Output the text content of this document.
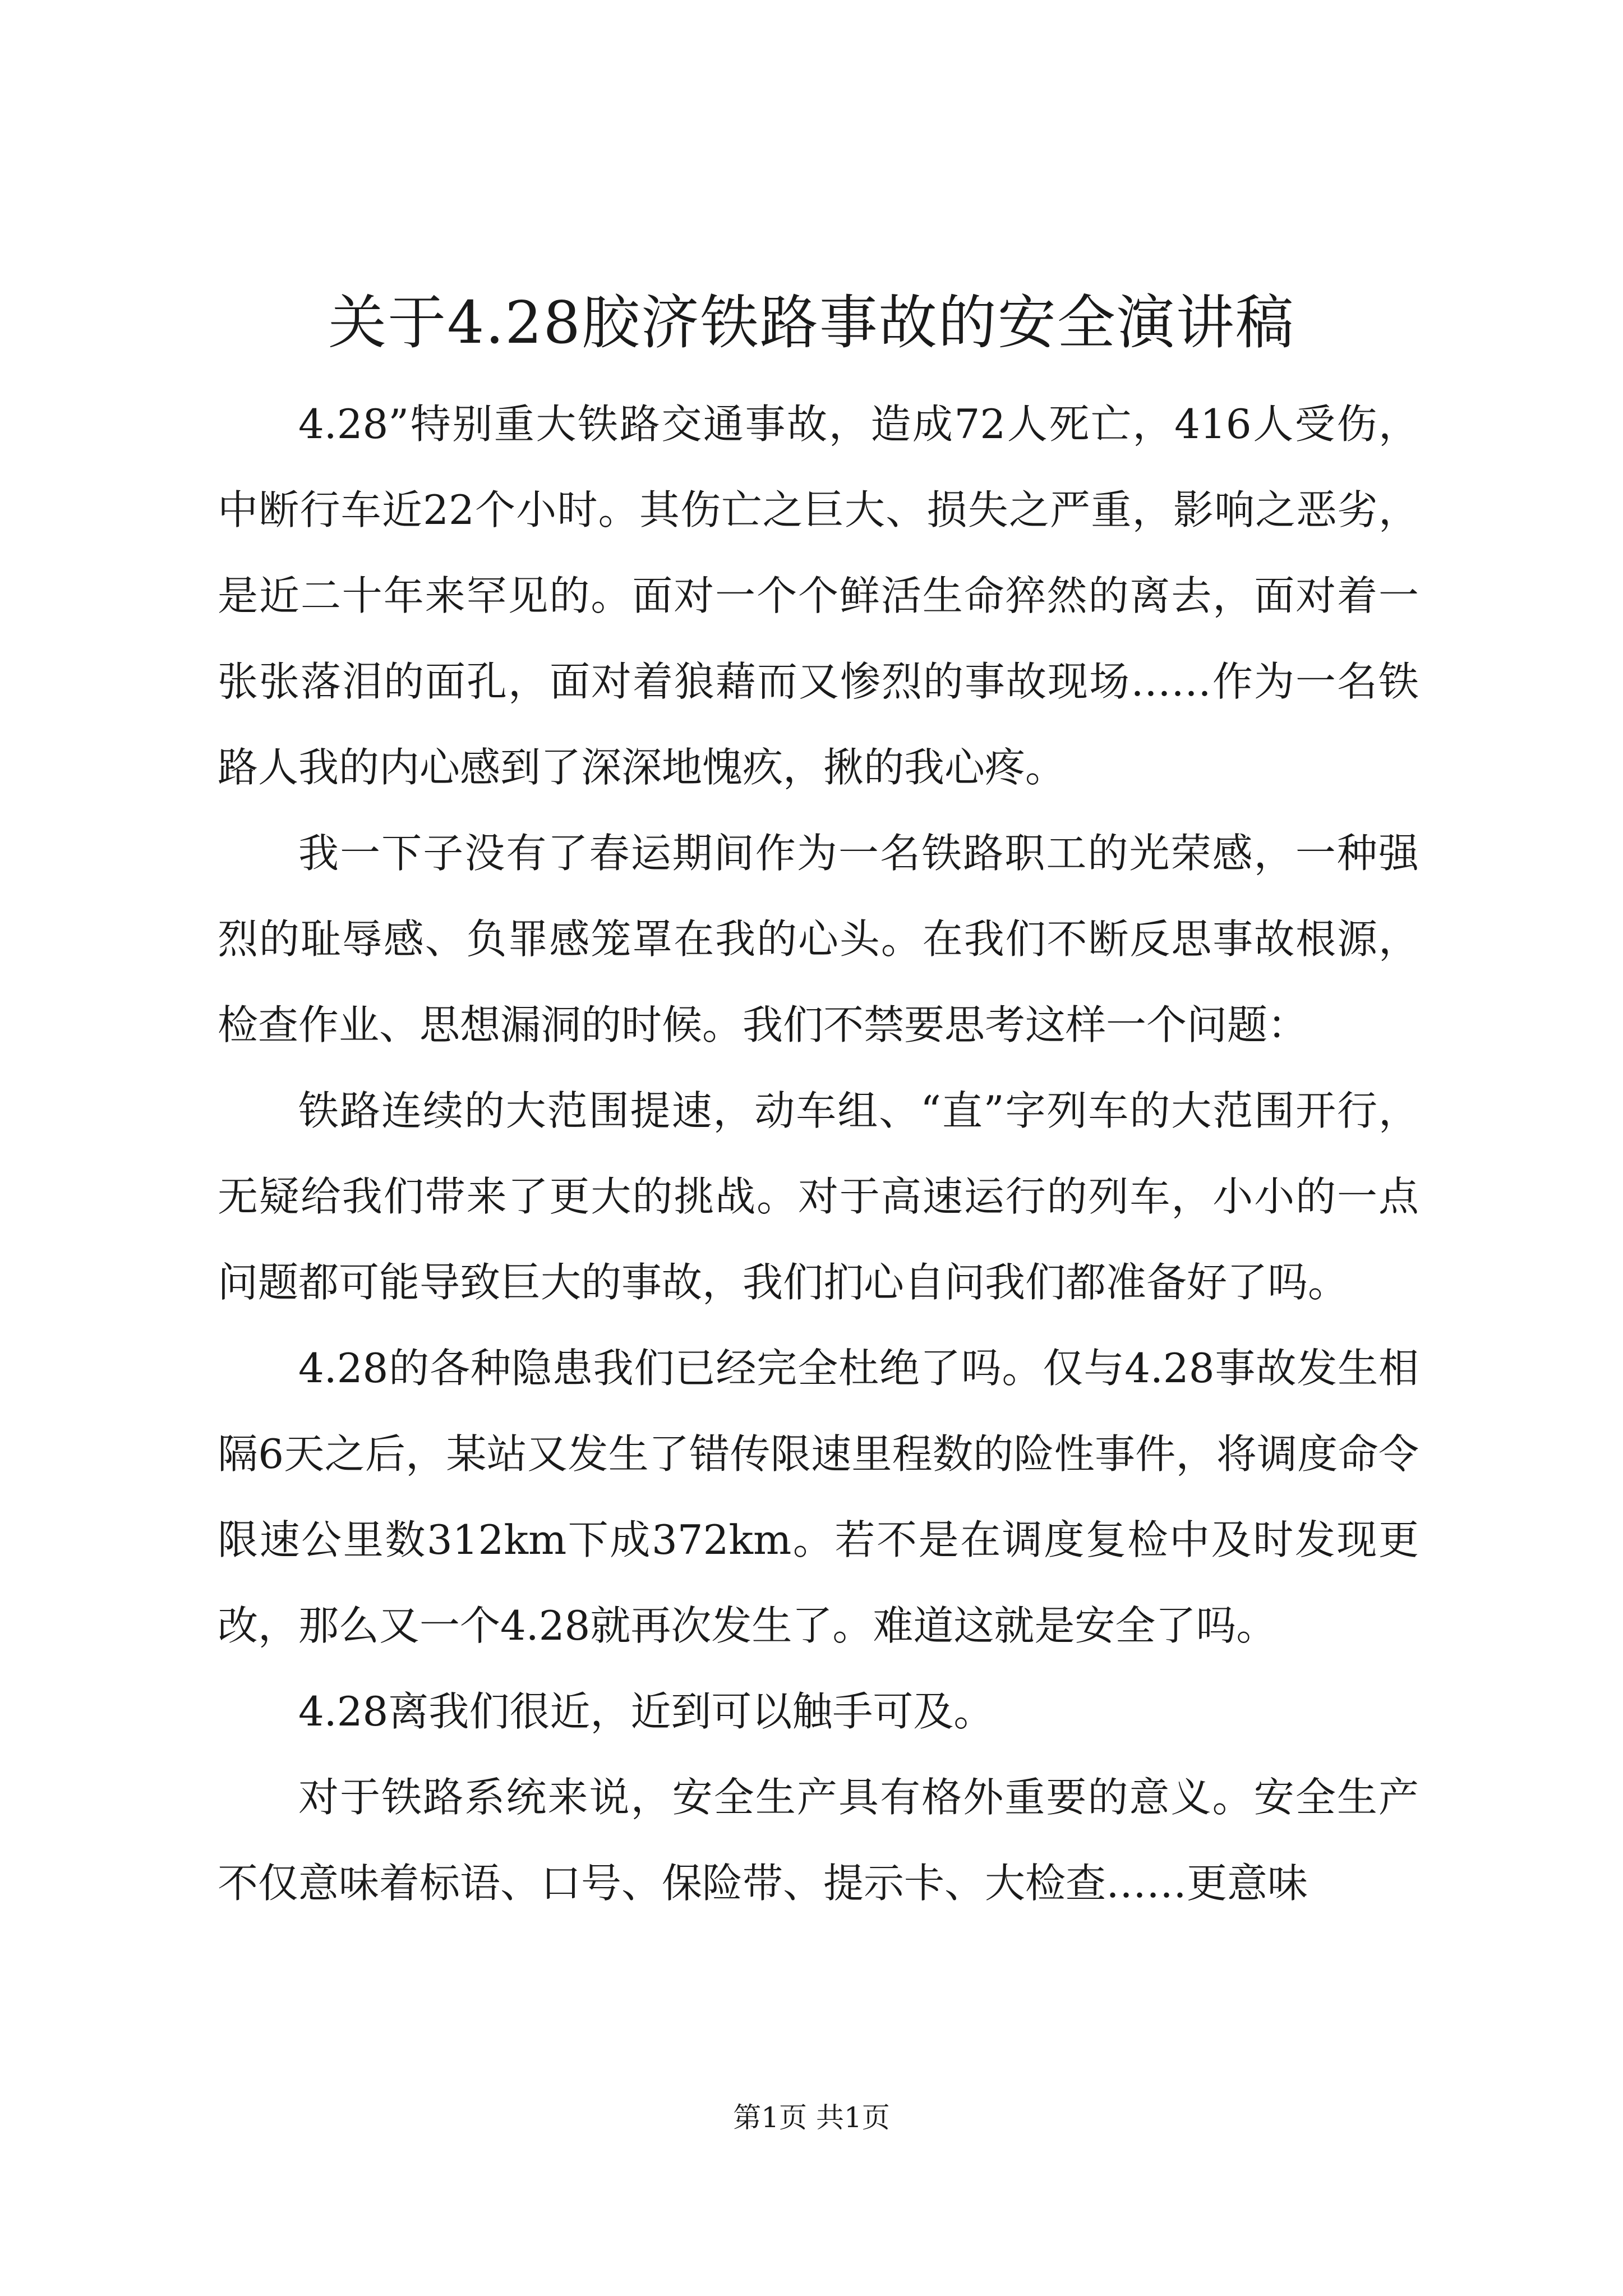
关于4.28胶济铁路事故的安全演讲稿

4.28”特别重大铁路交通事故，造成72人死亡，416人受伤，中断行车近22个小时。其伤亡之巨大、损失之严重，影响之恶劣，是近二十年来罕见的。面对一个个鲜活生命猝然的离去，面对着一张张落泪的面孔，面对着狼藉而又惨烈的事故现场……作为一名铁路人我的内心感到了深深地愧疚，揪的我心疼。

我一下子没有了春运期间作为一名铁路职工的光荣感，一种强烈的耻辱感、负罪感笼罩在我的心头。在我们不断反思事故根源，检查作业、思想漏洞的时候。我们不禁要思考这样一个问题：

铁路连续的大范围提速，动车组、“直”字列车的大范围开行，无疑给我们带来了更大的挑战。对于高速运行的列车，小小的一点问题都可能导致巨大的事故，我们扪心自问我们都准备好了吗。

4.28的各种隐患我们已经完全杜绝了吗。仅与4.28事故发生相隔6天之后，某站又发生了错传限速里程数的险性事件，将调度命令限速公里数312km下成372km。若不是在调度复检中及时发现更改，那么又一个4.28就再次发生了。难道这就是安全了吗。

4.28离我们很近，近到可以触手可及。

对于铁路系统来说，安全生产具有格外重要的意义。安全生产不仅意味着标语、口号、保险带、提示卡、大检查……更意味

第1页 共1页
